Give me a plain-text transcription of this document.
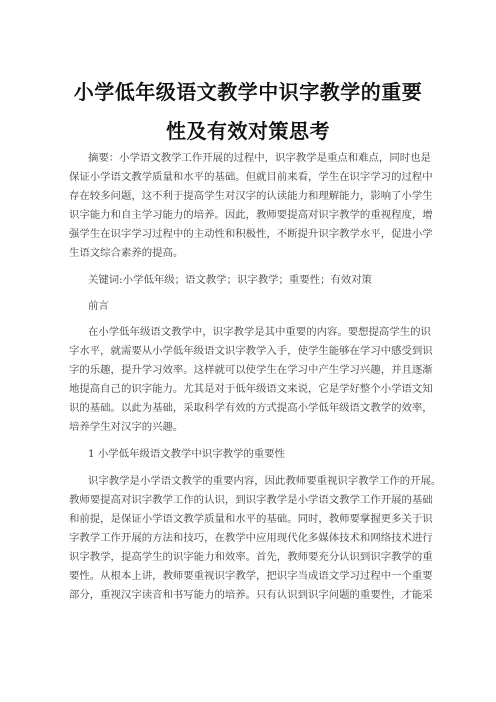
小学低年级语文教学中识字教学的重要
性及有效对策思考
摘要：小学语文教学工作开展的过程中，识字教学是重点和难点，同时也是
保证小学语文教学质量和水平的基础。但就目前来看，学生在识字学习的过程中
存在较多问题，这不利于提高学生对汉字的认读能力和理解能力，影响了小学生
识字能力和自主学习能力的培养。因此，教师要提高对识字教学的重视程度，增
强学生在识字学习过程中的主动性和积极性，不断提升识字教学水平，促进小学
生语文综合素养的提高。
关键词:小学低年级；语文教学；识字教学；重要性；有效对策
前言
在小学低年级语文教学中，识字教学是其中重要的内容。要想提高学生的识
字水平，就需要从小学低年级语文识字教学入手，使学生能够在学习中感受到识
字的乐趣，提升学习效率。这样就可以使学生在学习中产生学习兴趣，并且逐渐
地提高自己的识字能力。尤其是对于低年级语文来说，它是学好整个小学语文知
识的基础。以此为基础，采取科学有效的方式提高小学低年级语文教学的效率，
培养学生对汉字的兴趣。
1 小学低年级语文教学中识字教学的重要性
识字教学是小学语文教学的重要内容，因此教师要重视识字教学工作的开展。
教师要提高对识字教学工作的认识，到识字教学是小学语文教学工作开展的基础
和前提，是保证小学语文教学质量和水平的基础。同时，教师要掌握更多关于识
字教学工作开展的方法和技巧，在教学中应用现代化多媒体技术和网络技术进行
识字教学，提高学生的识字能力和效率。首先，教师要充分认识到识字教学的重
要性。从根本上讲，教师要重视识字教学，把识字当成语文学习过程中一个重要
部分，重视汉字读音和书写能力的培养。只有认识到识字问题的重要性，才能采
